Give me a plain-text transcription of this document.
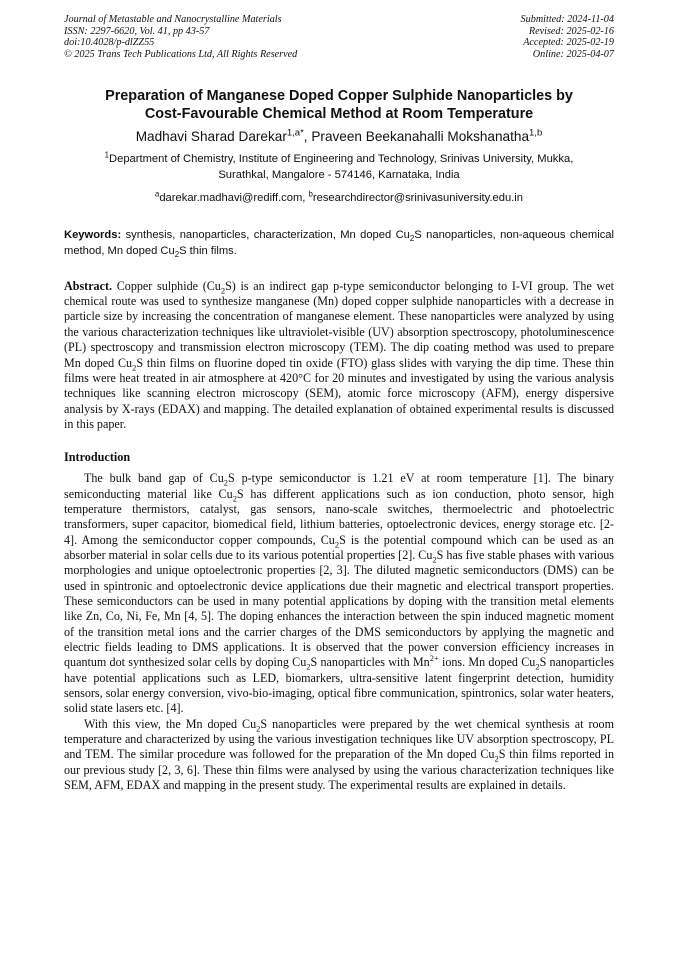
Journal of Metastable and Nanocrystalline Materials
ISSN: 2297-6620, Vol. 41, pp 43-57
doi:10.4028/p-dlZZ55
© 2025 Trans Tech Publications Ltd, All Rights Reserved
Submitted: 2024-11-04
Revised: 2025-02-16
Accepted: 2025-02-19
Online: 2025-04-07
Preparation of Manganese Doped Copper Sulphide Nanoparticles by
Cost-Favourable Chemical Method at Room Temperature
Madhavi Sharad Darekar$^{1,a*}$, Praveen Beekanahalli Mokshanatha$^{1,b}$
$^1$Department of Chemistry, Institute of Engineering and Technology, Srinivas University, Mukka,
Surathkal, Mangalore - 574146, Karnataka, India
$^a$darekar.madhavi@rediff.com, $^b$researchdirector@srinivasuniversity.edu.in
Keywords: synthesis, nanoparticles, characterization, Mn doped $Cu_2S$ nanoparticles, non-aqueous chemical method, Mn doped $Cu_2S$ thin films.
Abstract. Copper sulphide $(Cu_2S)$ is an indirect gap p-type semiconductor belonging to I-VI group. The wet chemical route was used to synthesize manganese (Mn) doped copper sulphide nanoparticles with a decrease in particle size by increasing the concentration of manganese element. These nanoparticles were analyzed by using the various characterization techniques like ultraviolet-visible (UV) absorption spectroscopy, photoluminescence (PL) spectroscopy and transmission electron microscopy (TEM). The dip coating method was used to prepare Mn doped $Cu_2S$ thin films on fluorine doped tin oxide (FTO) glass slides with varying the dip time. These thin films were heat treated in air atmosphere at 420°C for 20 minutes and investigated by using the various analysis techniques like scanning electron microscopy (SEM), atomic force microscopy (AFM), energy dispersive analysis by X-rays (EDAX) and mapping. The detailed explanation of obtained experimental results is discussed in this paper.
Introduction
The bulk band gap of $Cu_2S$ p-type semiconductor is 1.21 eV at room temperature [1]. The binary semiconducting material like $Cu_2S$ has different applications such as ion conduction, photo sensor, high temperature thermistors, catalyst, gas sensors, nano-scale switches, thermoelectric and photoelectric transformers, super capacitor, biomedical field, lithium batteries, optoelectronic devices, energy storage etc. [2-4]. Among the semiconductor copper compounds, $Cu_2S$ is the potential compound which can be used as an absorber material in solar cells due to its various potential properties [2]. $Cu_2S$ has five stable phases with various morphologies and unique optoelectronic properties [2, 3]. The diluted magnetic semiconductors (DMS) can be used in spintronic and optoelectronic device applications due their magnetic and electrical transport properties. These semiconductors can be used in many potential applications by doping with the transition metal elements like Zn, Co, Ni, Fe, Mn [4, 5]. The doping enhances the interaction between the spin induced magnetic moment of the transition metal ions and the carrier charges of the DMS semiconductors by applying the magnetic and electric fields leading to DMS applications. It is observed that the power conversion efficiency increases in quantum dot synthesized solar cells by doping $Cu_2S$ nanoparticles with $Mn^{2+}$ ions. Mn doped $Cu_2S$ nanoparticles have potential applications such as LED, biomarkers, ultra-sensitive latent fingerprint detection, humidity sensors, solar energy conversion, vivo-bio-imaging, optical fibre communication, spintronics, solar water heaters, solid state lasers etc. [4].
With this view, the Mn doped $Cu_2S$ nanoparticles were prepared by the wet chemical synthesis at room temperature and characterized by using the various investigation techniques like UV absorption spectroscopy, PL and TEM. The similar procedure was followed for the preparation of the Mn doped $Cu_2S$ thin films reported in our previous study [2, 3, 6]. These thin films were analysed by using the various characterization techniques like SEM, AFM, EDAX and mapping in the present study. The experimental results are explained in details.
